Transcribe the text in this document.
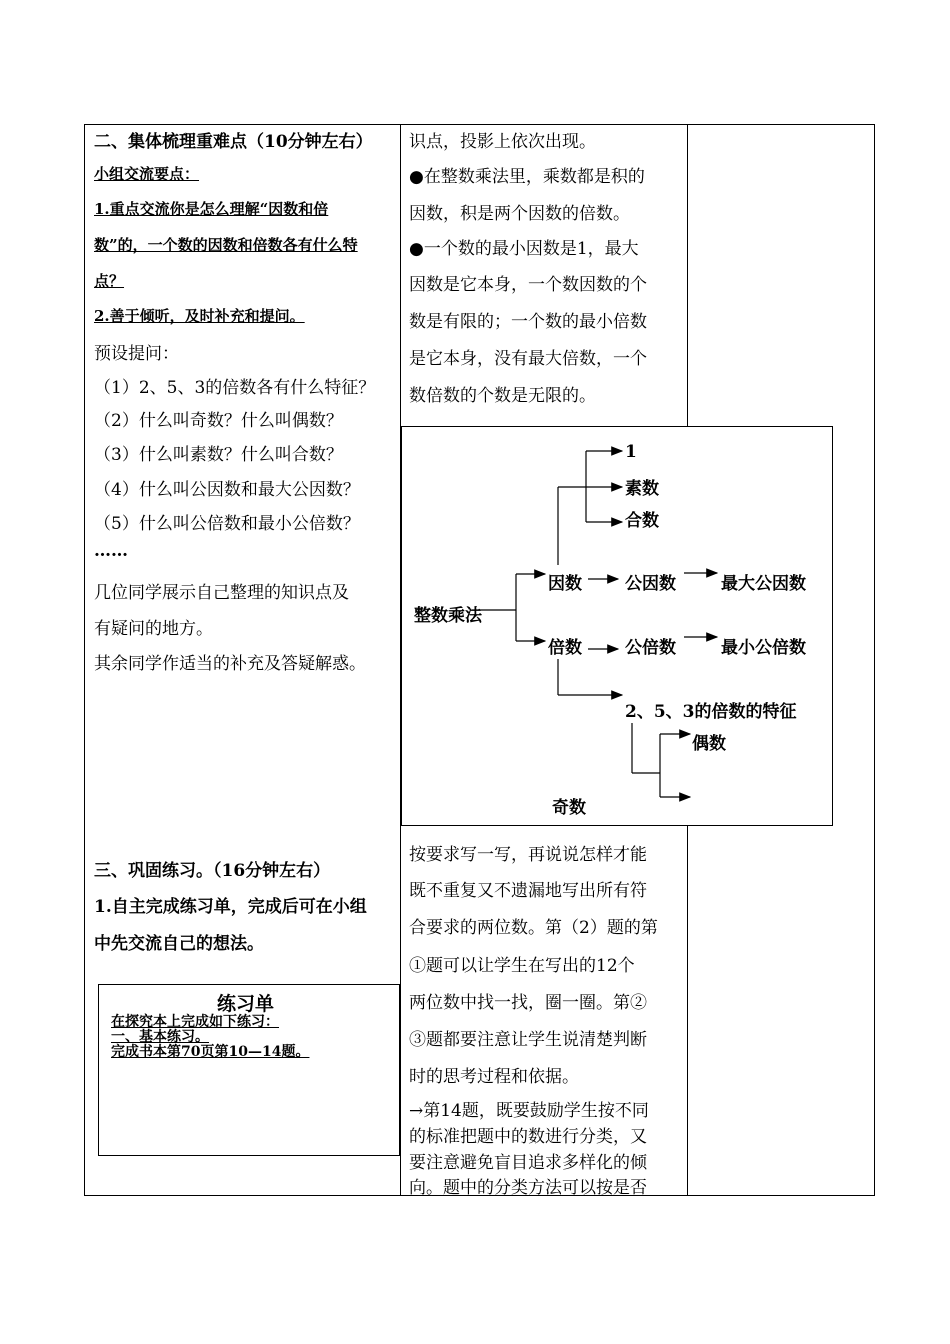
二、集体梳理重难点（10分钟左右）
小组交流要点：
1.重点交流你是怎么理解“因数和倍
数”的，一个数的因数和倍数各有什么特
点？
2.善于倾听，及时补充和提问。
预设提问：
（1）2、5、3的倍数各有什么特征？
（2）什么叫奇数？什么叫偶数？
（3）什么叫素数？什么叫合数？
（4）什么叫公因数和最大公因数？
（5）什么叫公倍数和最小公倍数？
……
几位同学展示自己整理的知识点及
有疑问的地方。
其余同学作适当的补充及答疑解惑。
三、巩固练习。（16分钟左右）
1.自主完成练习单，完成后可在小组
中先交流自己的想法。
练习单
在探究本上完成如下练习：
一、基本练习。
完成书本第70页第10—14题。
识点，投影上依次出现。
●在整数乘法里，乘数都是积的
因数，积是两个因数的倍数。
●一个数的最小因数是1，最大
因数是它本身，一个数因数的个
数是有限的；一个数的最小倍数
是它本身，没有最大倍数，一个
数倍数的个数是无限的。
整数乘法
因数
倍数
1
素数
合数
公因数	最大公因数
公倍数	最小公倍数
2、5、3的倍数的特征
偶数
奇数
按要求写一写，再说说怎样才能
既不重复又不遗漏地写出所有符
合要求的两位数。第（2）题的第
①题可以让学生在写出的12个
两位数中找一找，圈一圈。第②
③题都要注意让学生说清楚判断
时的思考过程和依据。
→第14题，既要鼓励学生按不同
的标准把题中的数进行分类，又
要注意避免盲目追求多样化的倾
向。题中的分类方法可以按是否
